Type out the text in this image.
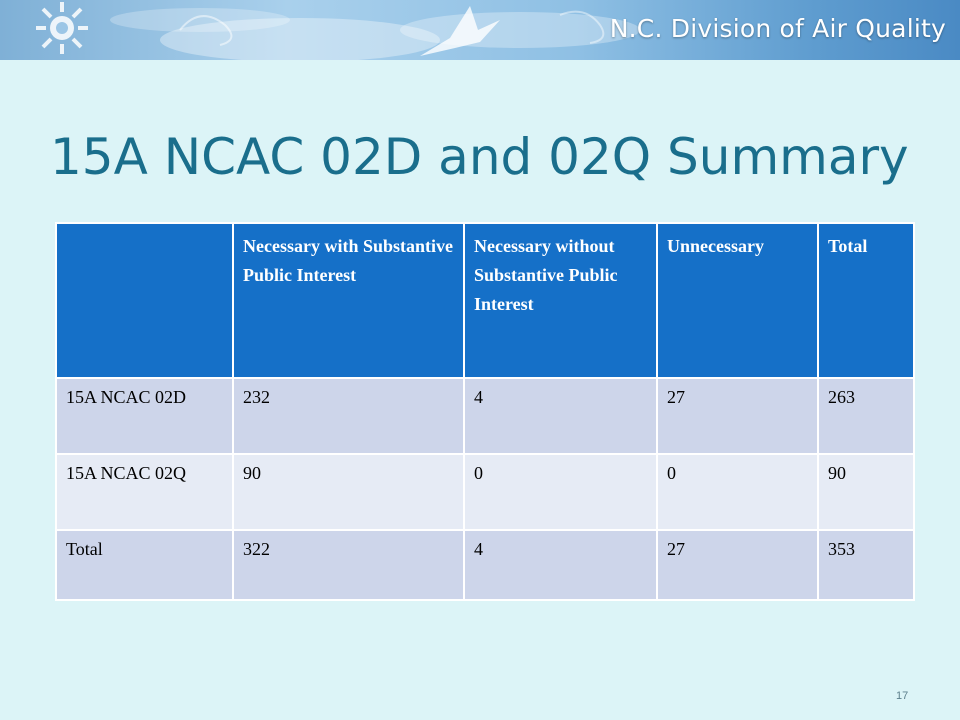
N.C. Division of Air Quality
15A NCAC 02D and 02Q Summary
	Necessary with Substantive Public Interest	Necessary without Substantive Public Interest	Unnecessary	Total
15A NCAC 02D	232	4	27	263
15A NCAC 02Q	90	0	0	90
Total	322	4	27	353
17
